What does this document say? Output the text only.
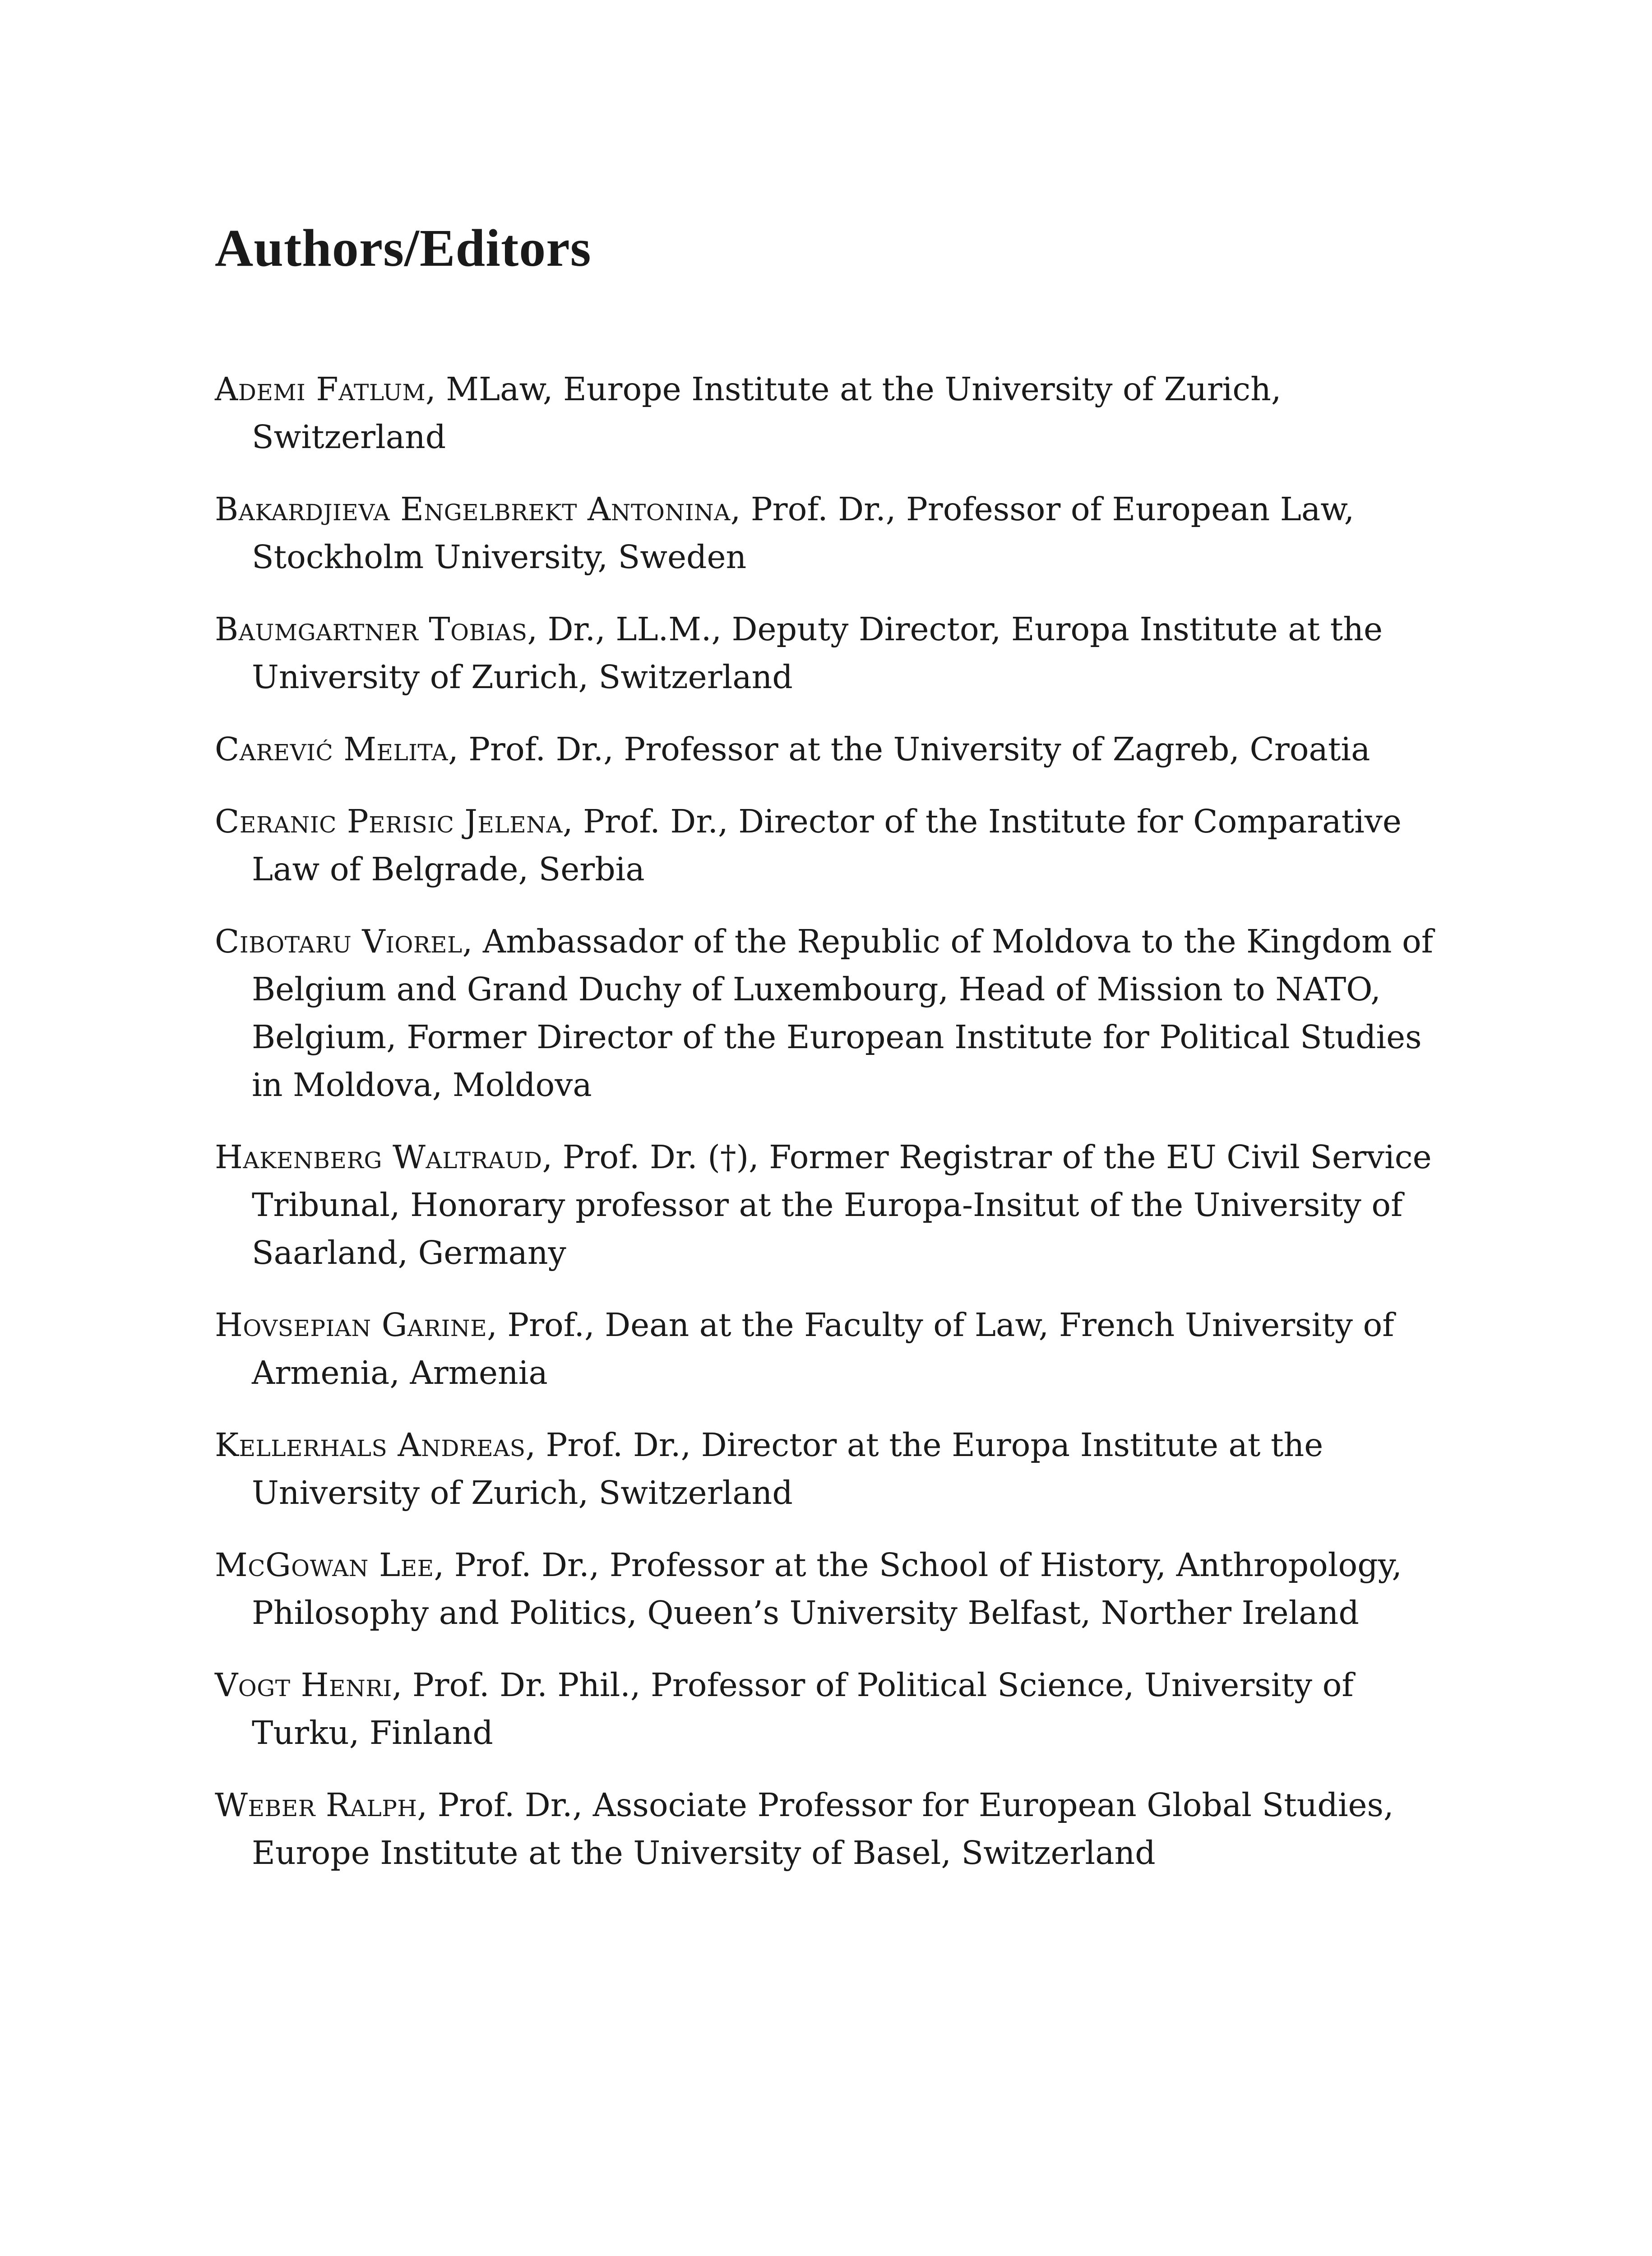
Authors/Editors
Ademi Fatlum, MLaw, Europe Institute at the University of Zurich, Switzerland
Bakardjieva Engelbrekt Antonina, Prof. Dr., Professor of European Law, Stockholm University, Sweden
Baumgartner Tobias, Dr., LL.M., Deputy Director, Europa Institute at the University of Zurich, Switzerland
Carević Melita, Prof. Dr., Professor at the University of Zagreb, Croatia
Ceranic Perisic Jelena, Prof. Dr., Director of the Institute for Comparative Law of Belgrade, Serbia
Cibotaru Viorel, Ambassador of the Republic of Moldova to the Kingdom of Belgium and Grand Duchy of Luxembourg, Head of Mission to NATO, Belgium, Former Director of the European Institute for Political Studies in Moldova, Moldova
Hakenberg Waltraud, Prof. Dr. (†), Former Registrar of the EU Civil Service Tribunal, Honorary professor at the Europa-Insitut of the University of Saarland, Germany
Hovsepian Garine, Prof., Dean at the Faculty of Law, French University of Armenia, Armenia
Kellerhals Andreas, Prof. Dr., Director at the Europa Institute at the University of Zurich, Switzerland
McGowan Lee, Prof. Dr., Professor at the School of History, Anthropology, Philosophy and Politics, Queen’s University Belfast, Norther Ireland
Vogt Henri, Prof. Dr. Phil., Professor of Political Science, University of Turku, Finland
Weber Ralph, Prof. Dr., Associate Professor for European Global Studies, Europe Institute at the University of Basel, Switzerland
